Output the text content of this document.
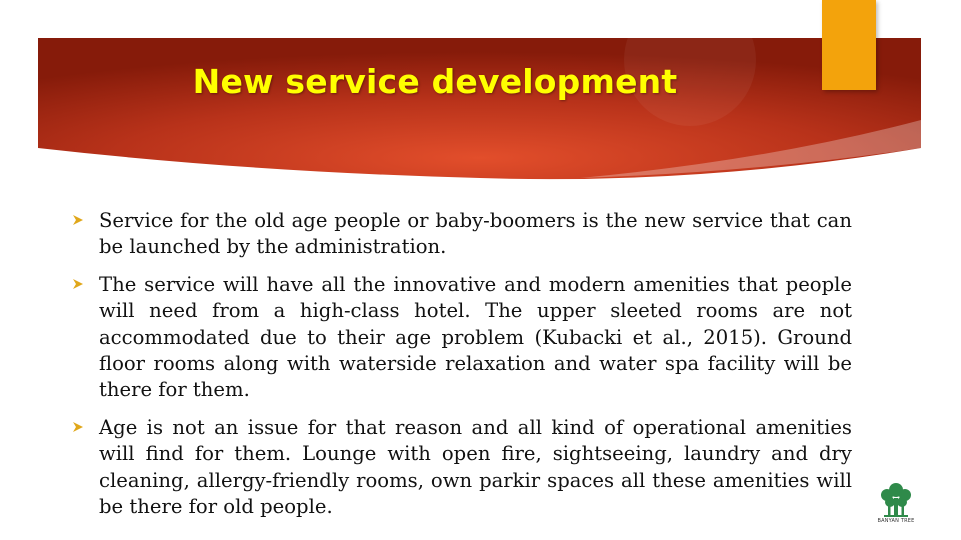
New service development
Service for the old age people or baby-boomers is the new service that can be launched by the administration.
The service will have all the innovative and modern amenities that people will need from a high-class hotel. The upper sleeted rooms are not accommodated due to their age problem (Kubacki et al., 2015). Ground floor rooms along with waterside relaxation and water spa facility will be there for them.
Age is not an issue for that reason and all kind of operational amenities will find for them. Lounge with open fire, sightseeing, laundry and dry cleaning, allergy-friendly rooms, own parkir spaces all these amenities will be there for old people.
BANYAN TREE
